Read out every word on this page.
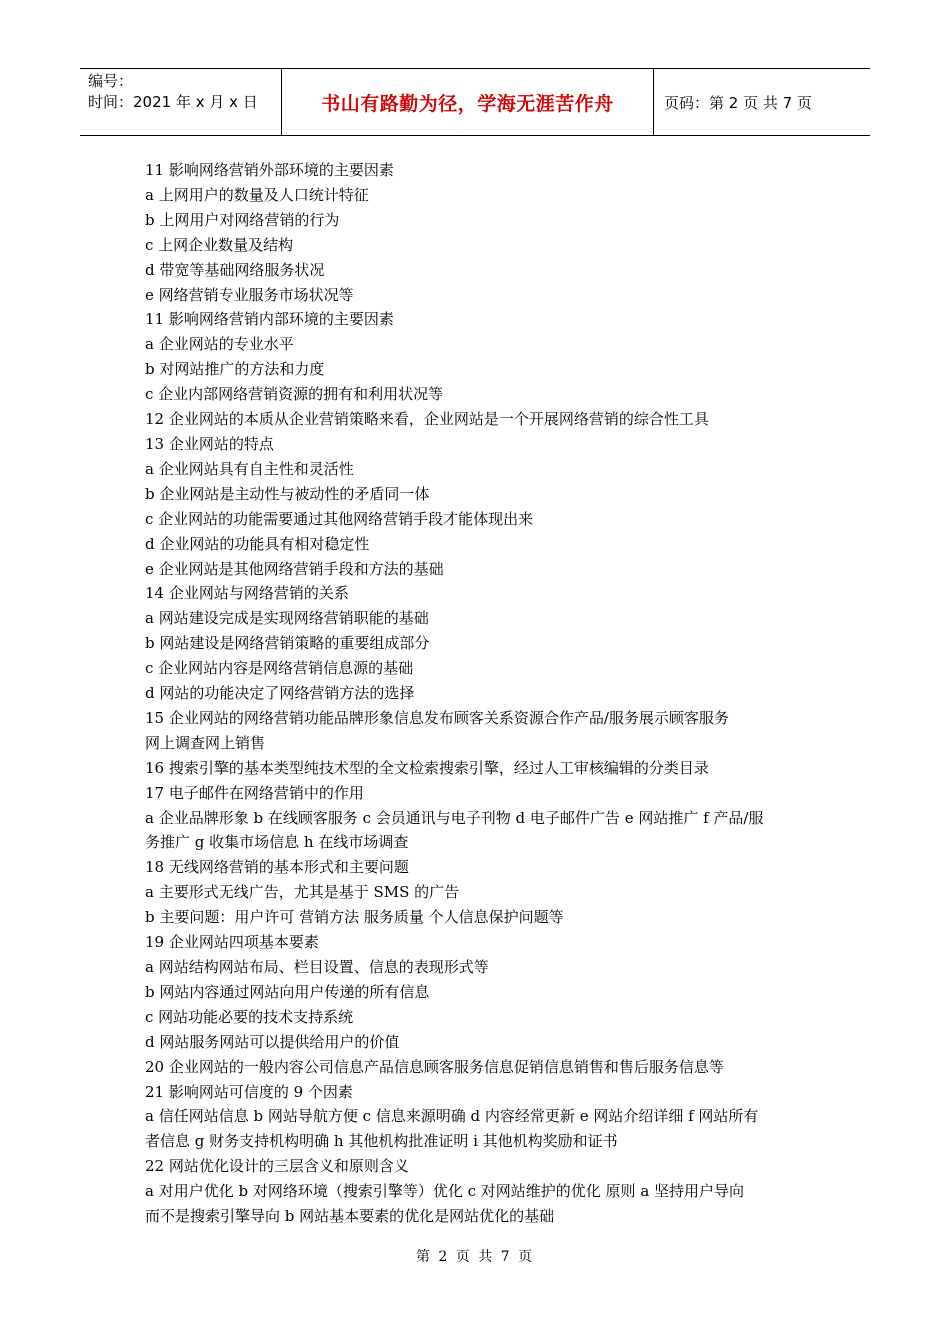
编号：
时间：2021 年 x 月 x 日	书山有路勤为径，学海无涯苦作舟	页码：第 2 页 共 7 页

11 影响网络营销外部环境的主要因素

a 上网用户的数量及人口统计特征

b 上网用户对网络营销的行为

c 上网企业数量及结构

d 带宽等基础网络服务状况

e 网络营销专业服务市场状况等

11 影响网络营销内部环境的主要因素

a 企业网站的专业水平

b 对网站推广的方法和力度

c 企业内部网络营销资源的拥有和利用状况等

12 企业网站的本质从企业营销策略来看，企业网站是一个开展网络营销的综合性工具

13 企业网站的特点

a 企业网站具有自主性和灵活性

b 企业网站是主动性与被动性的矛盾同一体

c 企业网站的功能需要通过其他网络营销手段才能体现出来

d 企业网站的功能具有相对稳定性

e 企业网站是其他网络营销手段和方法的基础

14 企业网站与网络营销的关系

a 网站建设完成是实现网络营销职能的基础

b 网站建设是网络营销策略的重要组成部分

c 企业网站内容是网络营销信息源的基础

d 网站的功能决定了网络营销方法的选择

15 企业网站的网络营销功能品牌形象信息发布顾客关系资源合作产品/服务展示顾客服务

网上调查网上销售

16 搜索引擎的基本类型纯技术型的全文检索搜索引擎，经过人工审核编辑的分类目录

17 电子邮件在网络营销中的作用

a 企业品牌形象 b 在线顾客服务 c 会员通讯与电子刊物 d 电子邮件广告 e 网站推广 f 产品/服

务推广 g 收集市场信息 h 在线市场调查

18 无线网络营销的基本形式和主要问题

a 主要形式无线广告，尤其是基于 SMS 的广告

b 主要问题：用户许可 营销方法 服务质量 个人信息保护问题等

19 企业网站四项基本要素

a 网站结构网站布局、栏目设置、信息的表现形式等

b 网站内容通过网站向用户传递的所有信息

c 网站功能必要的技术支持系统

d 网站服务网站可以提供给用户的价值

20 企业网站的一般内容公司信息产品信息顾客服务信息促销信息销售和售后服务信息等

21 影响网站可信度的 9 个因素

a 信任网站信息 b 网站导航方便 c 信息来源明确 d 内容经常更新 e 网站介绍详细 f 网站所有

者信息 g 财务支持机构明确 h 其他机构批准证明 i 其他机构奖励和证书

22 网站优化设计的三层含义和原则含义

a 对用户优化 b 对网络环境（搜索引擎等）优化 c 对网站维护的优化 原则 a 坚持用户导向

而不是搜索引擎导向 b 网站基本要素的优化是网站优化的基础

第 2 页 共 7 页
